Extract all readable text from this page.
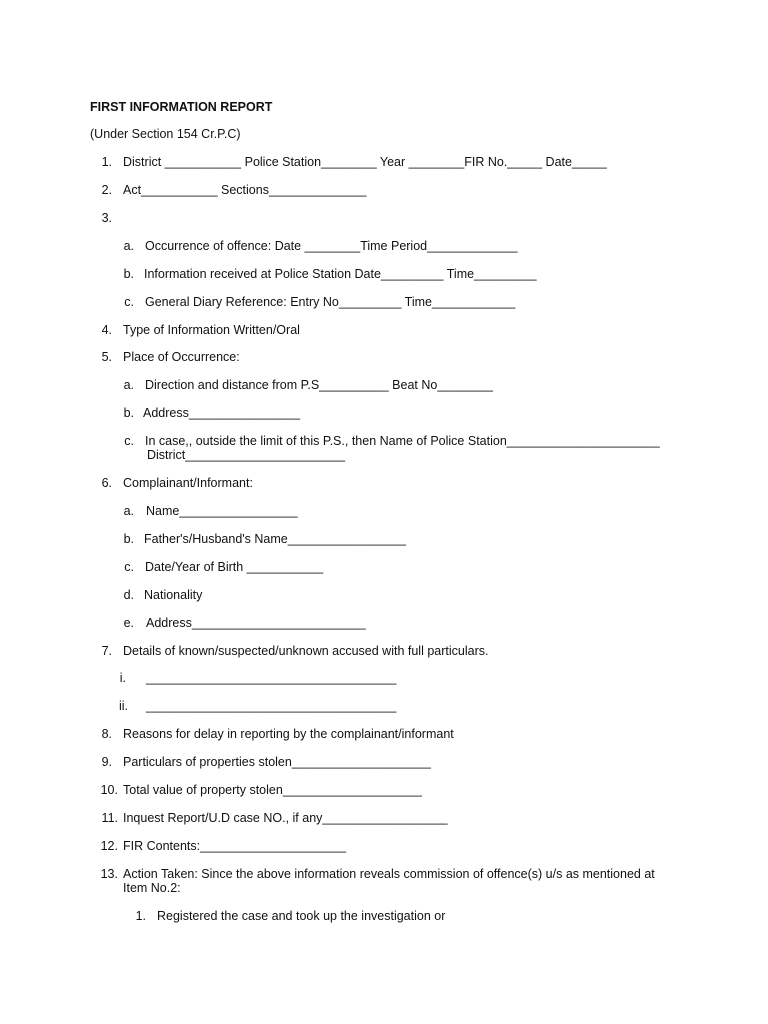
FIRST INFORMATION REPORT
(Under Section 154 Cr.P.C)
1. District ___________ Police Station________ Year ________FIR No._____ Date_____
2. Act___________ Sections______________
3.
a. Occurrence of offence: Date ________Time Period_____________
b. Information received at Police Station Date_________ Time_________
c. General Diary Reference: Entry No_________ Time____________
4. Type of Information Written/Oral
5. Place of Occurrence:
a. Direction and distance from P.S__________ Beat No________
b. Address________________
c. In case,, outside the limit of this P.S., then Name of Police Station______________________
District_______________________
6. Complainant/Informant:
a. Name_________________
b. Father's/Husband's Name_________________
c. Date/Year of Birth ___________
d. Nationality
e. Address_________________________
7. Details of known/suspected/unknown accused with full particulars.
i. ____________________________________
ii. ____________________________________
8. Reasons for delay in reporting by the complainant/informant
9. Particulars of properties stolen____________________
10. Total value of property stolen____________________
11. Inquest Report/U.D case NO., if any__________________
12. FIR Contents:_____________________
13. Action Taken: Since the above information reveals commission of offence(s) u/s as mentioned at
Item No.2:
1. Registered the case and took up the investigation or
